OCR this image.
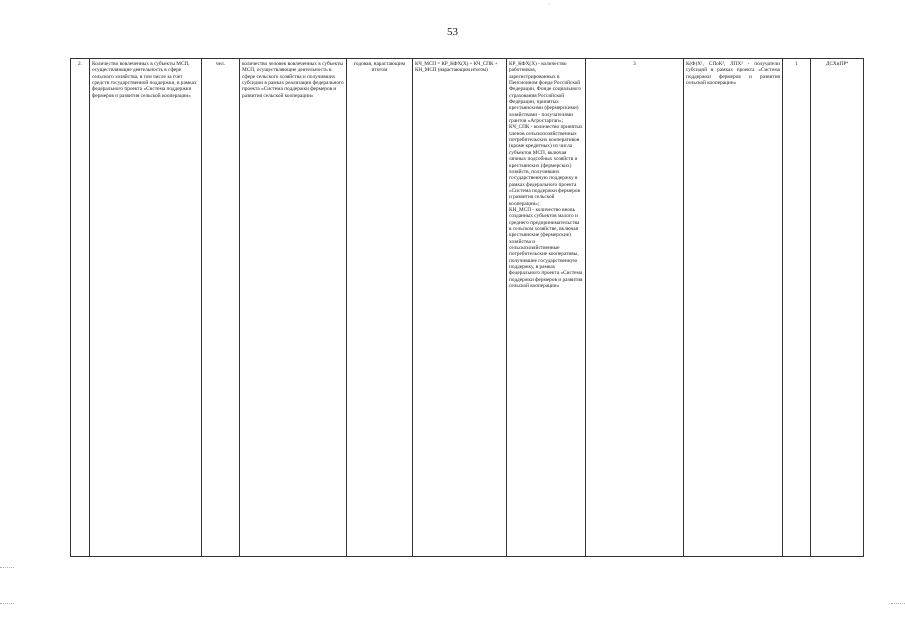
53
·
2.	Количество вовлеченных в субъекты МСП, осуществляющие деятельность в сфере сельского хозяйства, в том числе за счет средств государственной поддержки, в рамках федерального проекта «Система поддержки фермеров и развития сельской кооперации»	чел.	количество человек вовлеченных в субъекты МСП, осуществляющие деятельность в сфере сельского хозяйства и получивших субсидии в рамках реализации федерального проекта «Система поддержки фермеров и развития сельской кооперации»	годовая, нарастающим итогом	КЧ_МСП = КР_КФХ(Х) + КЧ_СПК + КН_МСП (нарастающим итогом)	КР_КФХ(Х) - количество работников, зарегистрированных в Пенсионном фонде Российской Федерации, Фонде социального страхования Российской Федерации, принятых крестьянскими (фермерскими) хозяйствами - получателями грантов «Агростартап»;
КЧ_СПК - количество принятых членов сельскохозяйственных потребительских кооперативов (кроме кредитных) из числа субъектов МСП, включая личных подсобных хозяйств и крестьянских (фермерских) хозяйств, получивших государственную поддержку в рамках федерального проекта «Система поддержки фермеров и развития сельской кооперации»;
КН_МСП - количество вновь созданных субъектов малого и среднего предпринимательства в сельском хозяйстве, включая крестьянские (фермерские) хозяйства и сельскохозяйственные потребительские кооперативы, получившие государственную поддержку, в рамках федерального проекта «Система поддержки фермеров и развития сельской кооперации»	3	К(Ф)Х¹, СПоК², ЛПХ³ - получатели субсидий в рамках проекта «Система поддержки фермеров и развития сельской кооперации»	1	ДСХиПР⁴
